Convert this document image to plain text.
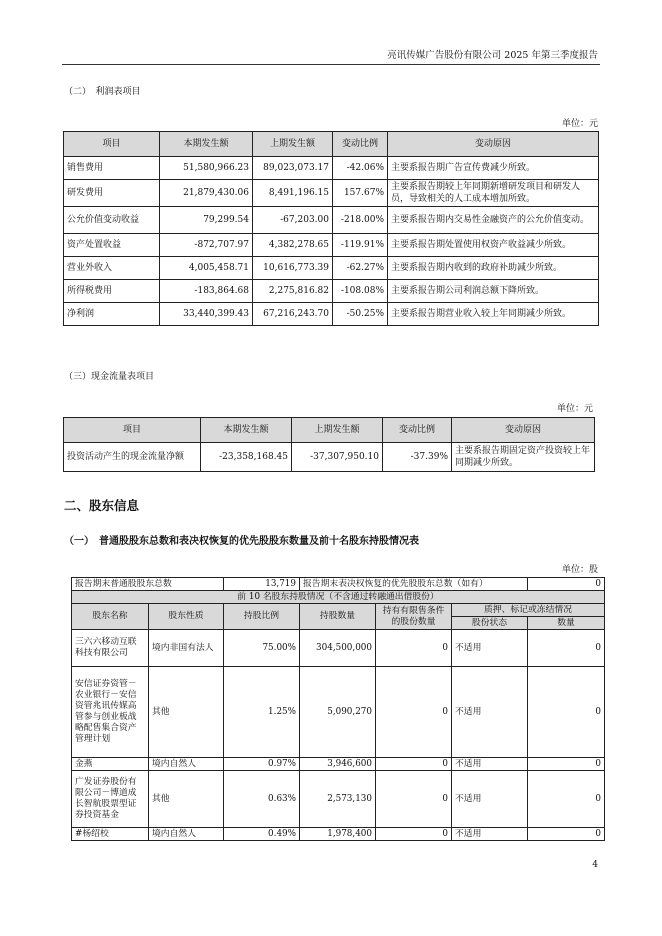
亮讯传媒广告股份有限公司 2025 年第三季度报告
（二）　利润表项目
单位：元
项目	本期发生额	上期发生额	变动比例	变动原因
销售费用	51,580,966.23	89,023,073.17	-42.06%	主要系报告期广告宣传费减少所致。
研发费用	21,879,430.06	8,491,196.15	157.67%	主要系报告期较上年同期新增研发项目和研发人员，导致相关的人工成本增加所致。
公允价值变动收益	79,299.54	-67,203.00	-218.00%	主要系报告期内交易性金融资产的公允价值变动。
资产处置收益	-872,707.97	4,382,278.65	-119.91%	主要系报告期处置使用权资产收益减少所致。
营业外收入	4,005,458.71	10,616,773.39	-62.27%	主要系报告期内收到的政府补助减少所致。
所得税费用	-183,864.68	2,275,816.82	-108.08%	主要系报告期公司利润总额下降所致。
净利润	33,440,399.43	67,216,243.70	-50.25%	主要系报告期营业收入较上年同期减少所致。
（三）现金流量表项目
单位：元
项目	本期发生额	上期发生额	变动比例	变动原因
投资活动产生的现金流量净额	-23,358,168.45	-37,307,950.10	-37.39%	主要系报告期固定资产投资较上年同期减少所致。
二、股东信息
（一）　普通股股东总数和表决权恢复的优先股股东数量及前十名股东持股情况表
单位：股
报告期末普通股股东总数		13,719	报告期末表决权恢复的优先股股东总数（如有）			0
前 10 名股东持股情况（不含通过转融通出借股份）						
股东名称	股东性质	持股比例	持股数量	持有有限售条件的股份数量	质押、标记或冻结情况	
					股份状态	数量
三六六移动互联科技有限公司	境内非国有法人	75.00%	304,500,000	0	不适用	0
安信证券资管－农业银行－安信资管兆讯传媒高管参与创业板战略配售集合资产管理计划	其他	1.25%	5,090,270	0	不适用	0
金燕	境内自然人	0.97%	3,946,600	0	不适用	0
广发证券股份有限公司－博道成长智航股票型证券投资基金	其他	0.63%	2,573,130	0	不适用	0
#杨绍校	境内自然人	0.49%	1,978,400	0	不适用	0
4
